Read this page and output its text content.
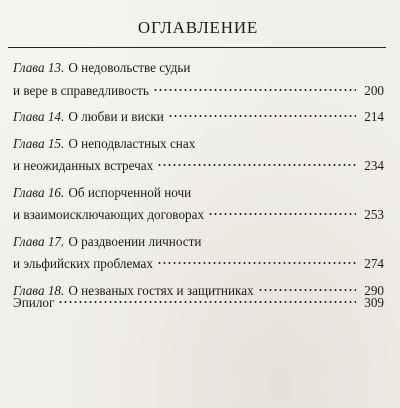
ОГЛАВЛЕНИЕ
Глава 13. О недовольстве судьи
и вере в справедливость	200
Глава 14. О любви и виски	214
Глава 15. О неподвластных снах
и неожиданных встречах	234
Глава 16. Об испорченной ночи
и взаимоисключающих договорах	253
Глава 17. О раздвоении личности
и эльфийских проблемах	274
Глава 18. О незваных гостях и защитниках	290
Эпилог	309
